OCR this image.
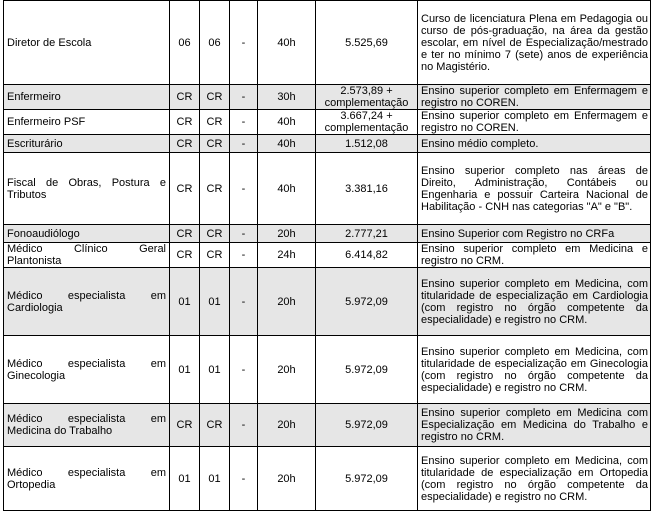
Diretor de Escola	06	06	-	40h	5.525,69	Curso de licenciatura Plena em Pedagogia ou curso de pós-graduação, na área da gestão escolar, em nível de Especialização/mestrado e ter no mínimo 7 (sete) anos de experiência no Magistério.
Enfermeiro	CR	CR	-	30h	2.573,89 + complementação	Ensino superior completo em Enfermagem e registro no COREN.
Enfermeiro PSF	CR	CR	-	40h	3.667,24 + complementação	Ensino superior completo em Enfermagem e registro no COREN.
Escriturário	CR	CR	-	40h	1.512,08	Ensino médio completo.
Fiscal de Obras, Postura e Tributos	CR	CR	-	40h	3.381,16	Ensino superior completo nas áreas de Direito, Administração, Contábeis ou Engenharia e possuir Carteira Nacional de Habilitação - CNH nas categorias "A" e "B".
Fonoaudiólogo	CR	CR	-	20h	2.777,21	Ensino Superior com Registro no CRFa
Médico Clínico Geral Plantonista	CR	CR	-	24h	6.414,82	Ensino superior completo em Medicina e registro no CRM.
Médico especialista em Cardiologia	01	01	-	20h	5.972,09	Ensino superior completo em Medicina, com titularidade de especialização em Cardiologia (com registro no órgão competente da especialidade) e registro no CRM.
Médico especialista em Ginecologia	01	01	-	20h	5.972,09	Ensino superior completo em Medicina, com titularidade de especialização em Ginecologia (com registro no órgão competente da especialidade) e registro no CRM.
Médico especialista em Medicina do Trabalho	CR	CR	-	20h	5.972,09	Ensino superior completo em Medicina com Especialização em Medicina do Trabalho e registro no CRM.
Médico especialista em Ortopedia	01	01	-	20h	5.972,09	Ensino superior completo em Medicina, com titularidade de especialização em Ortopedia (com registro no órgão competente da especialidade) e registro no CRM.
